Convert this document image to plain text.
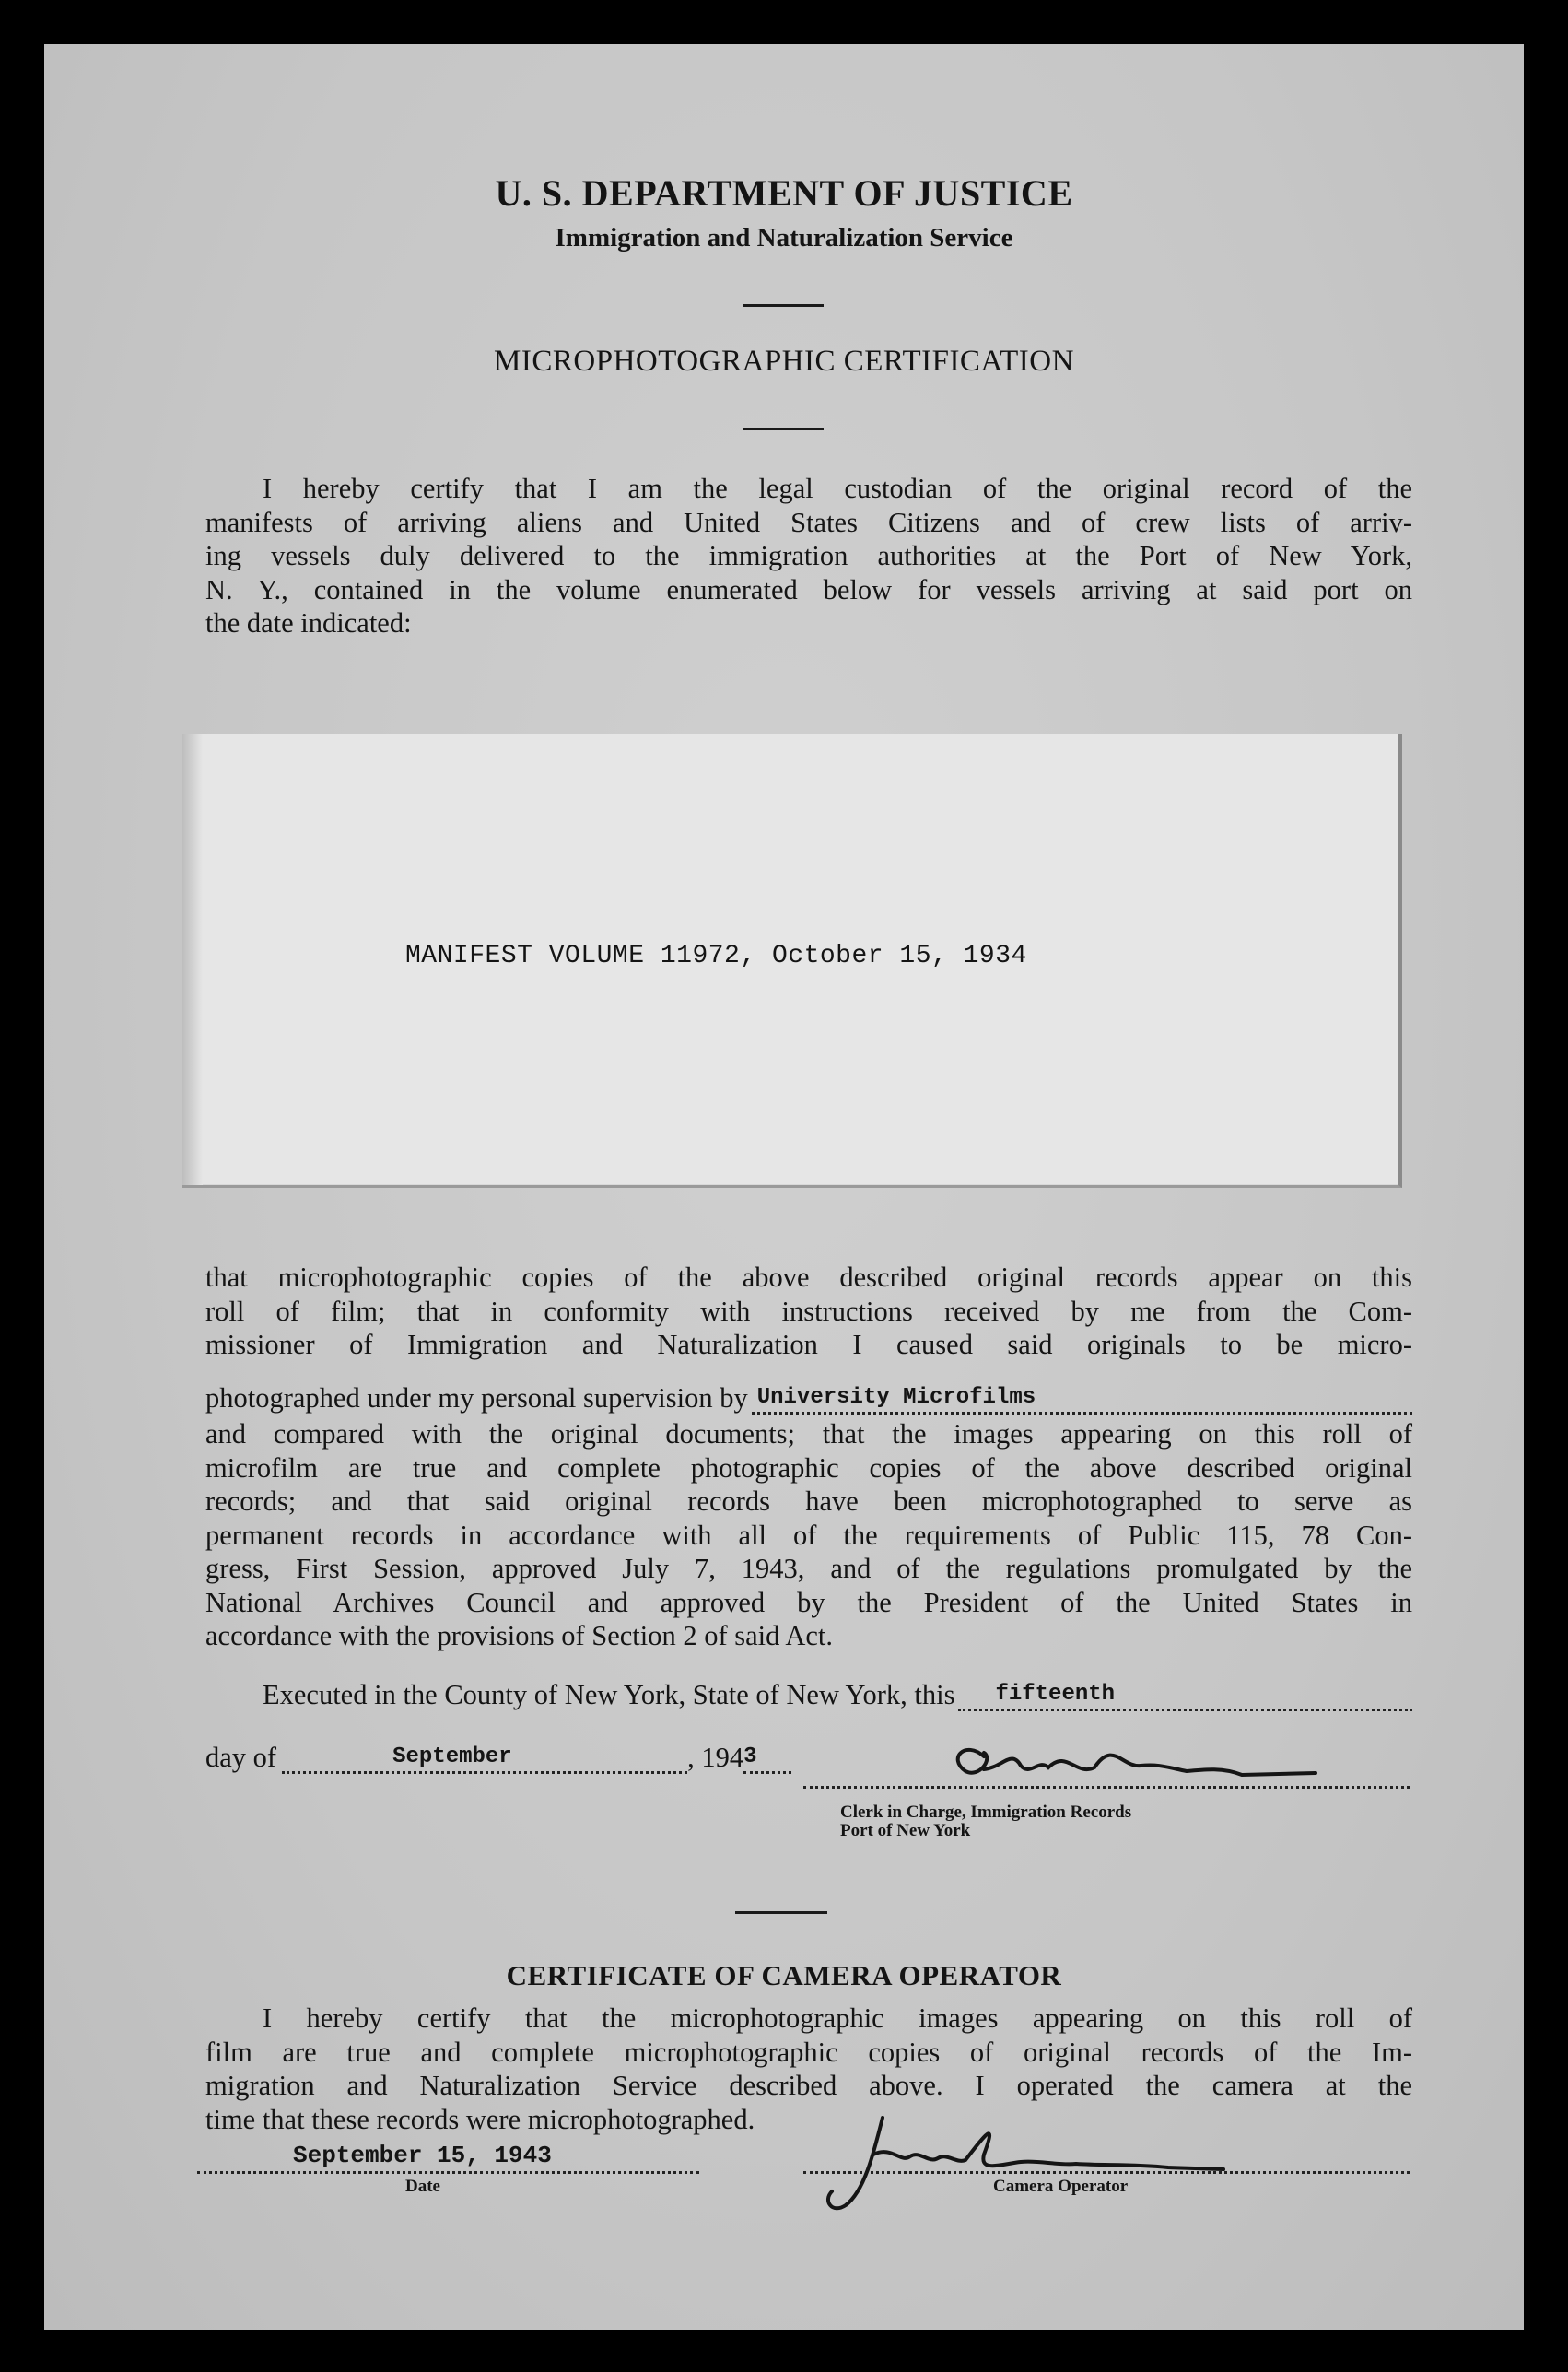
U. S. DEPARTMENT OF JUSTICE
Immigration and Naturalization Service
MICROPHOTOGRAPHIC CERTIFICATION
I hereby certify that I am the legal custodian of the original record of the
manifests of arriving aliens and United States Citizens and of crew lists of arriv-
ing vessels duly delivered to the immigration authorities at the Port of New York,
N. Y., contained in the volume enumerated below for vessels arriving at said port on
the date indicated:
MANIFEST VOLUME 11972, October 15, 1934
that microphotographic copies of the above described original records appear on this
roll of film; that in conformity with instructions received by me from the Com-
missioner of Immigration and Naturalization I caused said originals to be micro-
photographed under my personal supervision by University Microfilms
and compared with the original documents; that the images appearing on this roll of
microfilm are true and complete photographic copies of the above described original
records; and that said original records have been microphotographed to serve as
permanent records in accordance with all of the requirements of Public 115, 78 Con-
gress, First Session, approved July 7, 1943, and of the regulations promulgated by the
National Archives Council and approved by the President of the United States in
accordance with the provisions of Section 2 of said Act.
Executed in the County of New York, State of New York, this fifteenth
day of	September	, 194 3
Clerk in Charge, Immigration Records
Port of New York
CERTIFICATE OF CAMERA OPERATOR
I hereby certify that the microphotographic images appearing on this roll of
film are true and complete microphotographic copies of original records of the Im-
migration and Naturalization Service described above. I operated the camera at the
time that these records were microphotographed.
September 15, 1943
Date	Camera Operator
